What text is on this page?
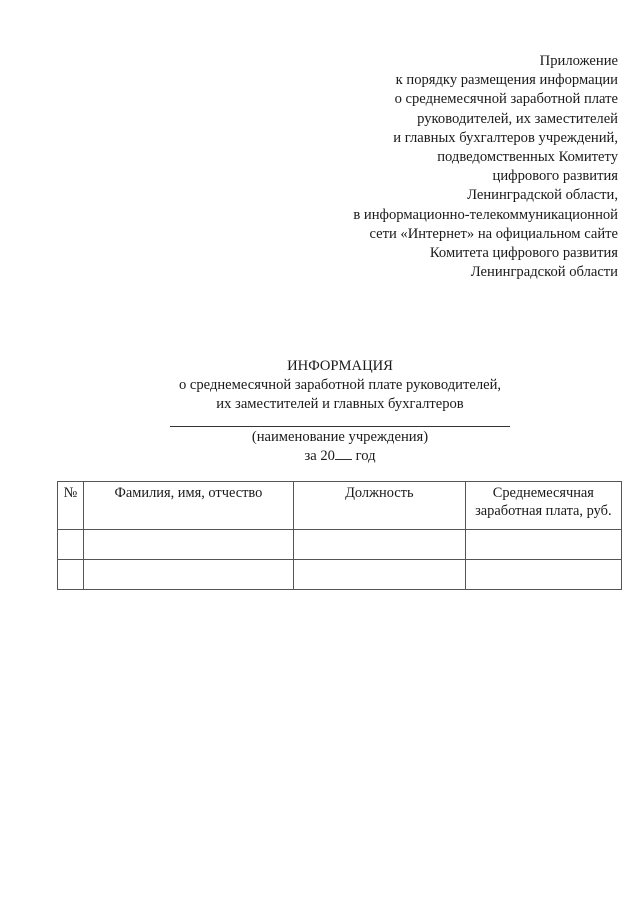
Приложение
к порядку размещения информации
о среднемесячной заработной плате
руководителей, их заместителей
и главных бухгалтеров учреждений,
подведомственных Комитету
цифрового развития
Ленинградской области,
в информационно-телекоммуникационной
сети «Интернет» на официальном сайте
Комитета цифрового развития
Ленинградской области
ИНФОРМАЦИЯ
о среднемесячной заработной плате руководителей,
их заместителей и главных бухгалтеров
(наименование учреждения)
за 20 год
№	Фамилия, имя, отчество	Должность	Среднемесячная заработная плата, руб.
